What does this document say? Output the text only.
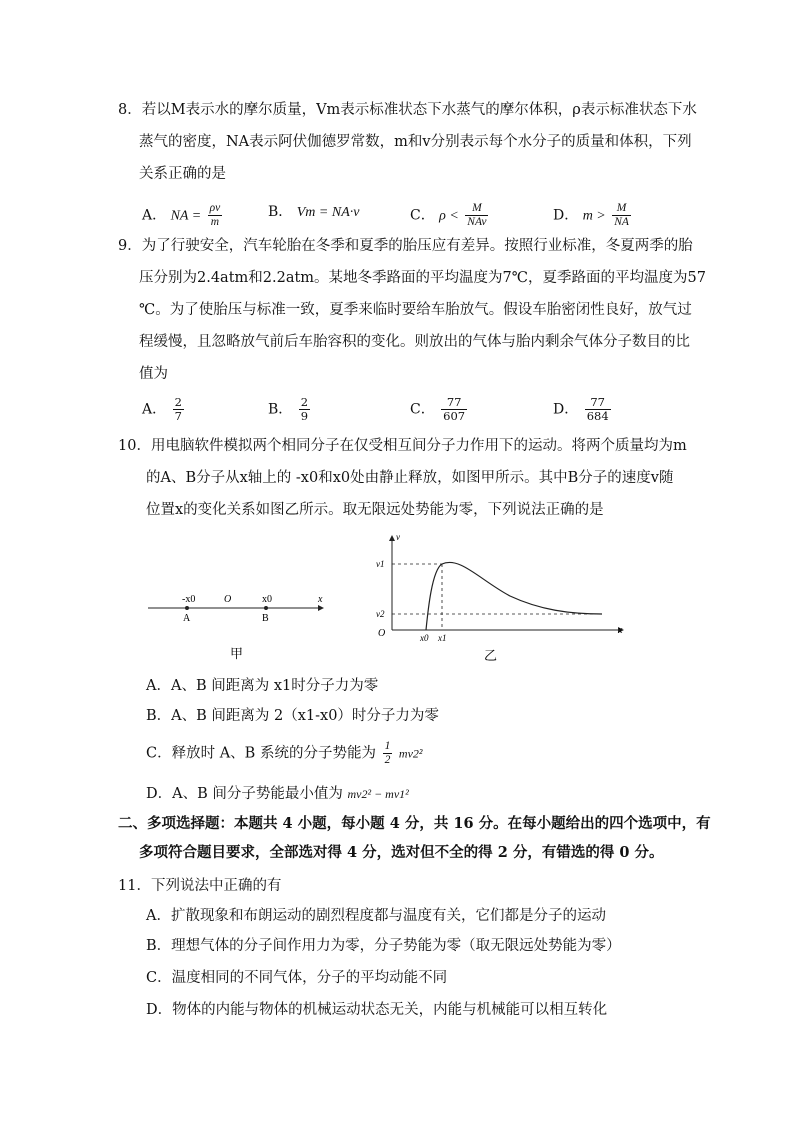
8．若以M表示水的摩尔质量，Vm表示标准状态下水蒸气的摩尔体积，ρ表示标准状态下水
蒸气的密度，NA表示阿伏伽德罗常数，m和v分别表示每个水分子的质量和体积，下列
关系正确的是
A． NA = $\frac{\rho v}{m}$	B． Vm = NA·v	C． $\rho < \frac{M}{\text{NAv}}$	D． $m > \frac{M}{NA}$
9．为了行驶安全，汽车轮胎在冬季和夏季的胎压应有差异。按照行业标准，冬夏两季的胎
压分别为2.4atm和2.2atm。某地冬季路面的平均温度为7℃，夏季路面的平均温度为57
℃。为了使胎压与标准一致，夏季来临时要给车胎放气。假设车胎密闭性良好，放气过
程缓慢，且忽略放气前后车胎容积的变化。则放出的气体与胎内剩余气体分子数目的比
值为
A． $\frac{2}{7}$	B． $\frac{2}{9}$	C． $\frac{77}{607}$	D． $\frac{77}{684}$
10．用电脑软件模拟两个相同分子在仅受相互间分子力作用下的运动。将两个质量均为m
的A、B分子从x轴上的 -x0和x0处由静止释放，如图甲所示。其中B分子的速度v随
位置x的变化关系如图乙所示。取无限远处势能为零，下列说法正确的是
-x0	O	x0	x
A	B
甲
v
v1
v2
O	x0 x1
x
乙
A．A、B 间距离为 x1时分子力为零
B．A、B 间距离为 2（x1-x0）时分子力为零
C．释放时 A、B 系统的分子势能为 $\frac{1}{2} mv2^2$
D．A、B 间分子势能最小值为 mv2² − mv1²
二、多项选择题：本题共 4 小题，每小题 4 分，共 16 分。在每小题给出的四个选项中，有
多项符合题目要求，全部选对得 4 分，选对但不全的得 2 分，有错选的得 0 分。
11．下列说法中正确的有
A．扩散现象和布朗运动的剧烈程度都与温度有关，它们都是分子的运动
B．理想气体的分子间作用力为零，分子势能为零（取无限远处势能为零）
C．温度相同的不同气体，分子的平均动能不同
D．物体的内能与物体的机械运动状态无关，内能与机械能可以相互转化
